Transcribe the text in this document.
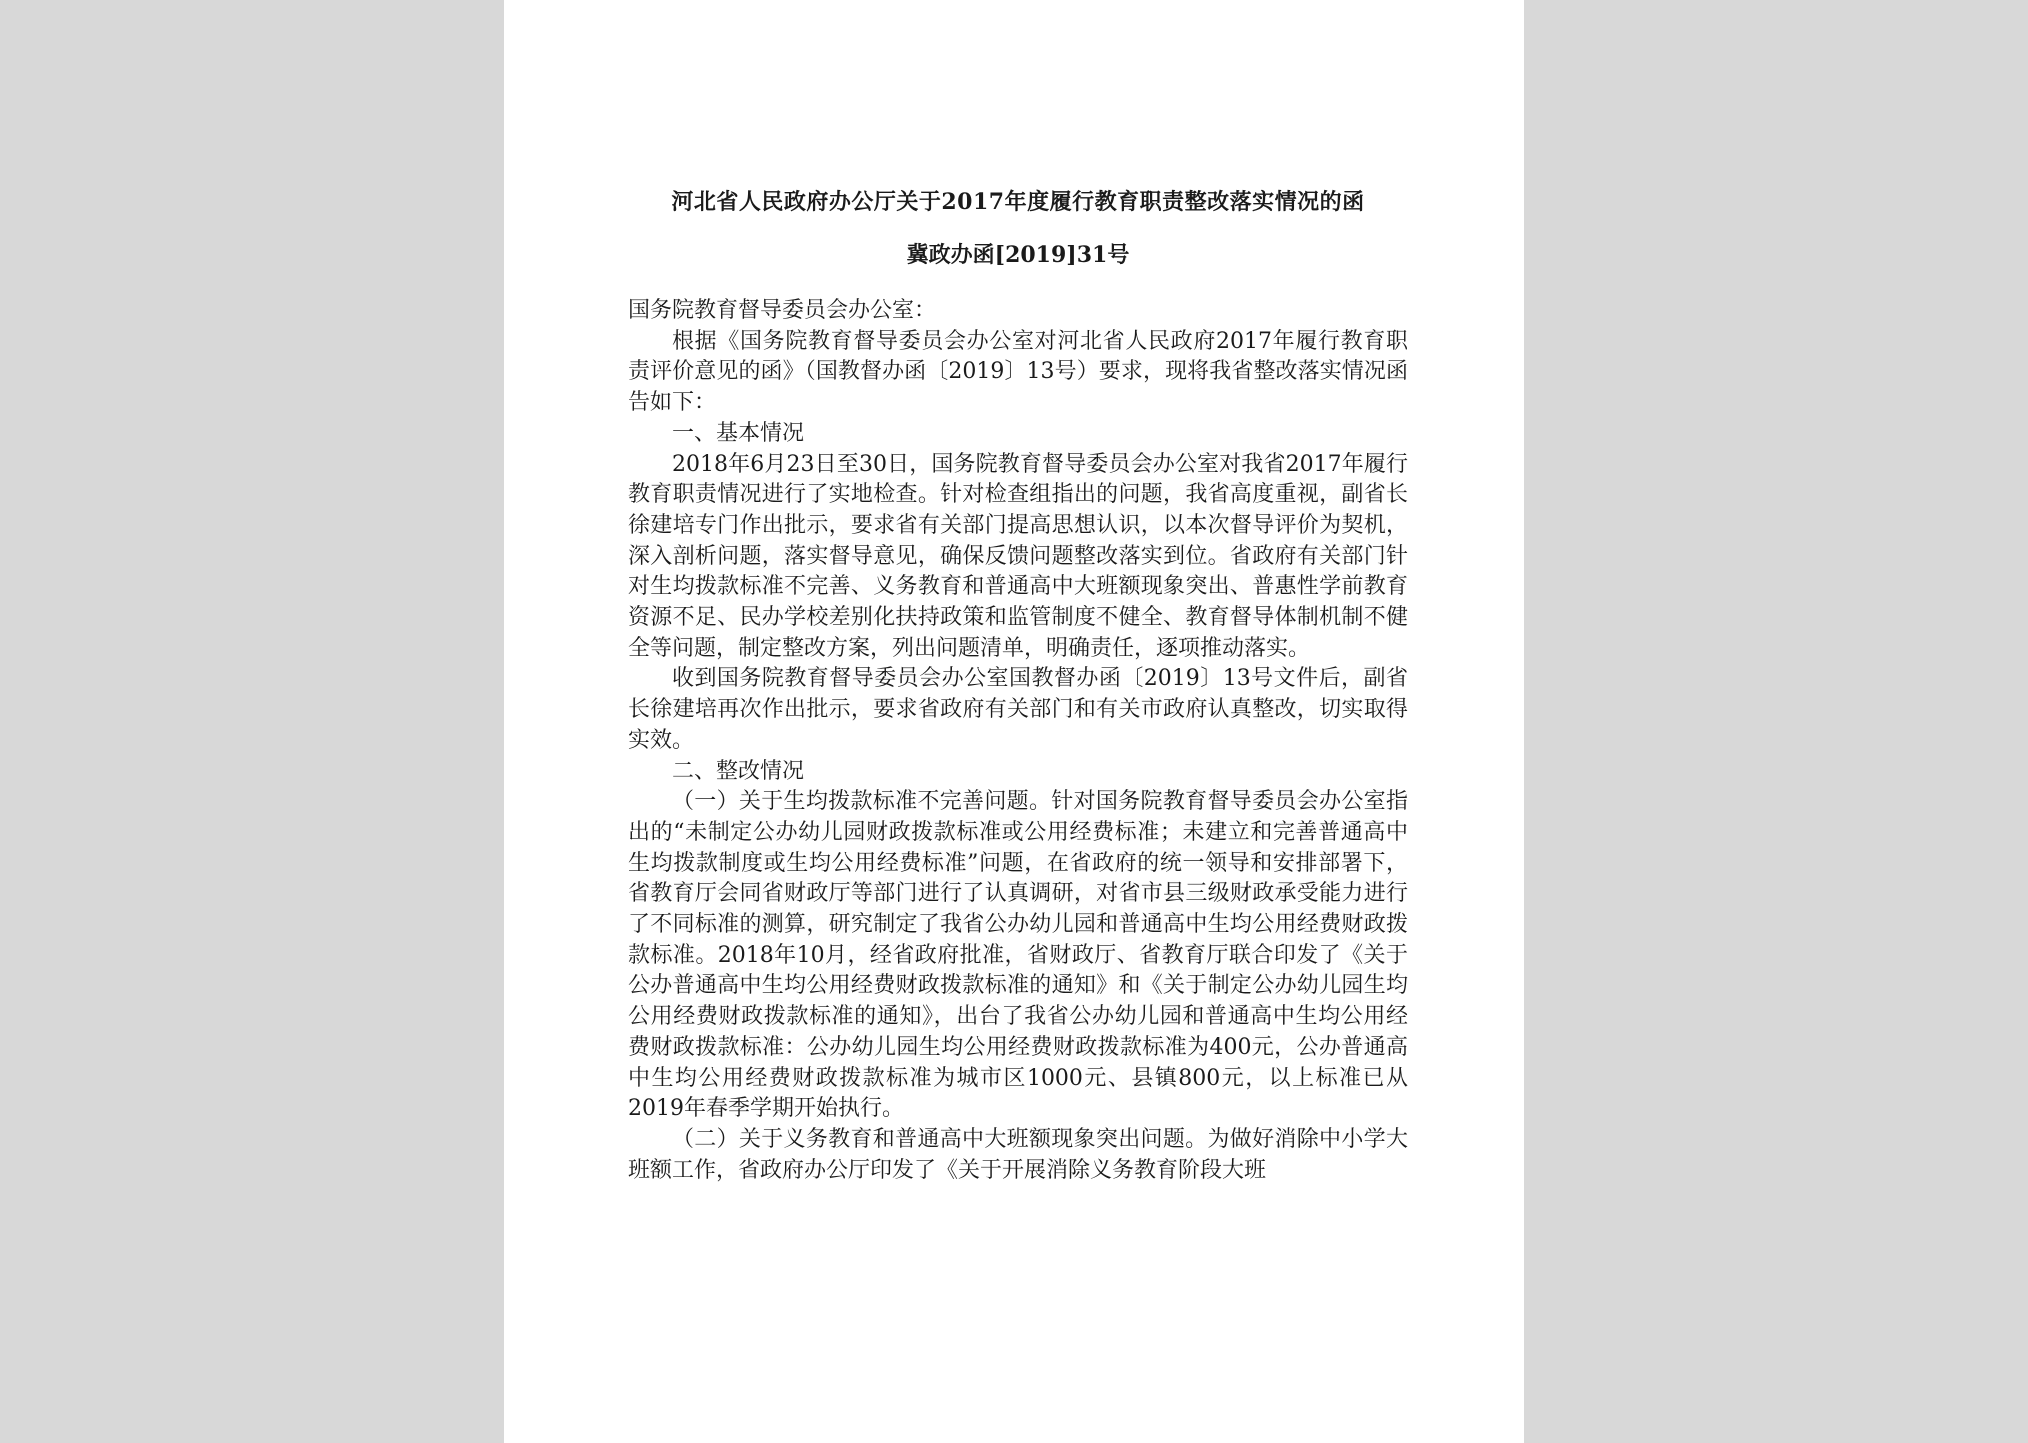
河北省人民政府办公厅关于2017年度履行教育职责整改落实情况的函
冀政办函[2019]31号

国务院教育督导委员会办公室：

根据《国务院教育督导委员会办公室对河北省人民政府2017年履行教育职责评价意见的函》（国教督办函〔2019〕13号）要求，现将我省整改落实情况函告如下：

一、基本情况

2018年6月23日至30日，国务院教育督导委员会办公室对我省2017年履行教育职责情况进行了实地检查。针对检查组指出的问题，我省高度重视，副省长徐建培专门作出批示，要求省有关部门提高思想认识，以本次督导评价为契机，深入剖析问题，落实督导意见，确保反馈问题整改落实到位。省政府有关部门针对生均拨款标准不完善、义务教育和普通高中大班额现象突出、普惠性学前教育资源不足、民办学校差别化扶持政策和监管制度不健全、教育督导体制机制不健全等问题，制定整改方案，列出问题清单，明确责任，逐项推动落实。

收到国务院教育督导委员会办公室国教督办函〔2019〕13号文件后，副省长徐建培再次作出批示，要求省政府有关部门和有关市政府认真整改，切实取得实效。

二、整改情况

（一）关于生均拨款标准不完善问题。针对国务院教育督导委员会办公室指出的“未制定公办幼儿园财政拨款标准或公用经费标准；未建立和完善普通高中生均拨款制度或生均公用经费标准”问题，在省政府的统一领导和安排部署下，省教育厅会同省财政厅等部门进行了认真调研，对省市县三级财政承受能力进行了不同标准的测算，研究制定了我省公办幼儿园和普通高中生均公用经费财政拨款标准。2018年10月，经省政府批准，省财政厅、省教育厅联合印发了《关于公办普通高中生均公用经费财政拨款标准的通知》和《关于制定公办幼儿园生均公用经费财政拨款标准的通知》，出台了我省公办幼儿园和普通高中生均公用经费财政拨款标准：公办幼儿园生均公用经费财政拨款标准为400元，公办普通高中生均公用经费财政拨款标准为城市区1000元、县镇800元，以上标准已从2019年春季学期开始执行。

（二）关于义务教育和普通高中大班额现象突出问题。为做好消除中小学大班额工作，省政府办公厅印发了《关于开展消除义务教育阶段大班
